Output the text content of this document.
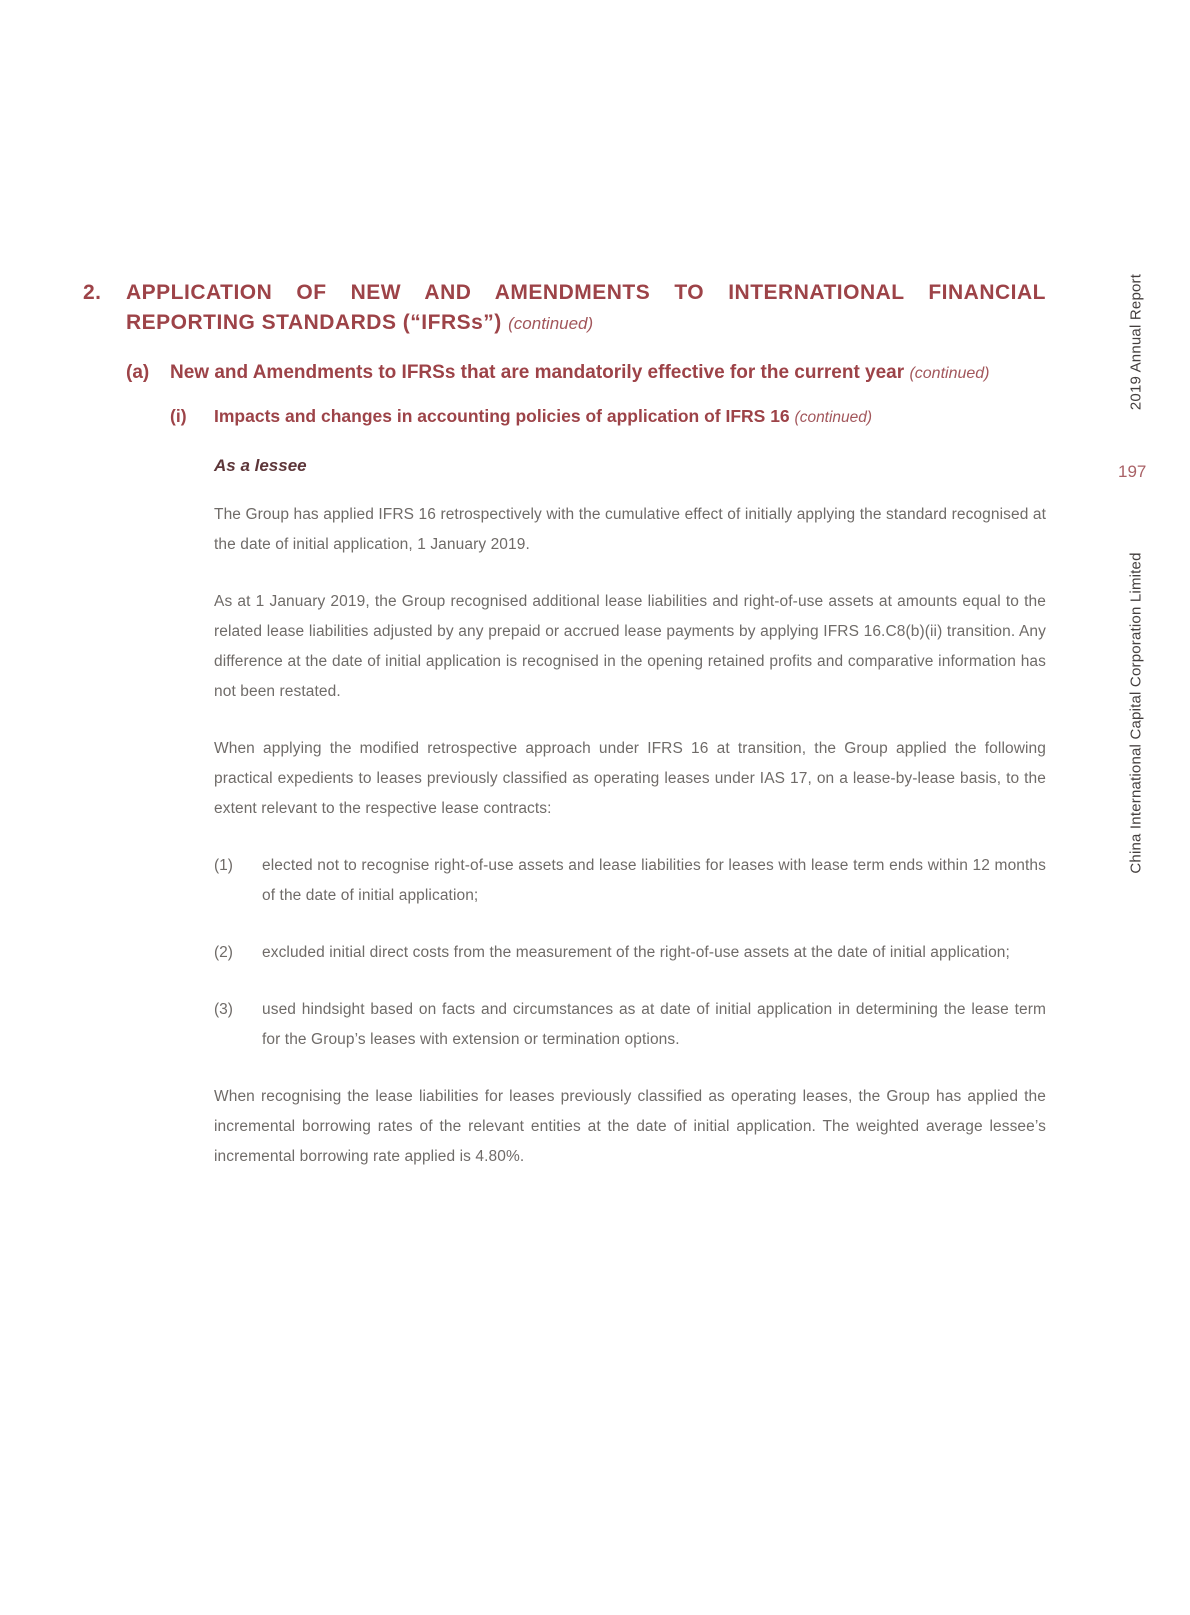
2.	APPLICATION OF NEW AND AMENDMENTS TO INTERNATIONAL FINANCIAL
REPORTING STANDARDS (“IFRSs”) (continued)
(a)	New and Amendments to IFRSs that are mandatorily effective for the current year (continued)
(i)	Impacts and changes in accounting policies of application of IFRS 16 (continued)
As a lessee

The Group has applied IFRS 16 retrospectively with the cumulative effect of initially applying the standard recognised at the date of initial application, 1 January 2019.

As at 1 January 2019, the Group recognised additional lease liabilities and right-of-use assets at amounts equal to the related lease liabilities adjusted by any prepaid or accrued lease payments by applying IFRS 16.C8(b)(ii) transition. Any difference at the date of initial application is recognised in the opening retained profits and comparative information has not been restated.

When applying the modified retrospective approach under IFRS 16 at transition, the Group applied the following practical expedients to leases previously classified as operating leases under IAS 17, on a lease-by-lease basis, to the extent relevant to the respective lease contracts:

(1)	elected not to recognise right-of-use assets and lease liabilities for leases with lease term ends within 12 months of the date of initial application;
(2)	excluded initial direct costs from the measurement of the right-of-use assets at the date of initial application;
(3)	used hindsight based on facts and circumstances as at date of initial application in determining the lease term for the Group’s leases with extension or termination options.

When recognising the lease liabilities for leases previously classified as operating leases, the Group has applied the incremental borrowing rates of the relevant entities at the date of initial application. The weighted average lessee’s incremental borrowing rate applied is 4.80%.

2019 Annual Report
197
China International Capital Corporation Limited
